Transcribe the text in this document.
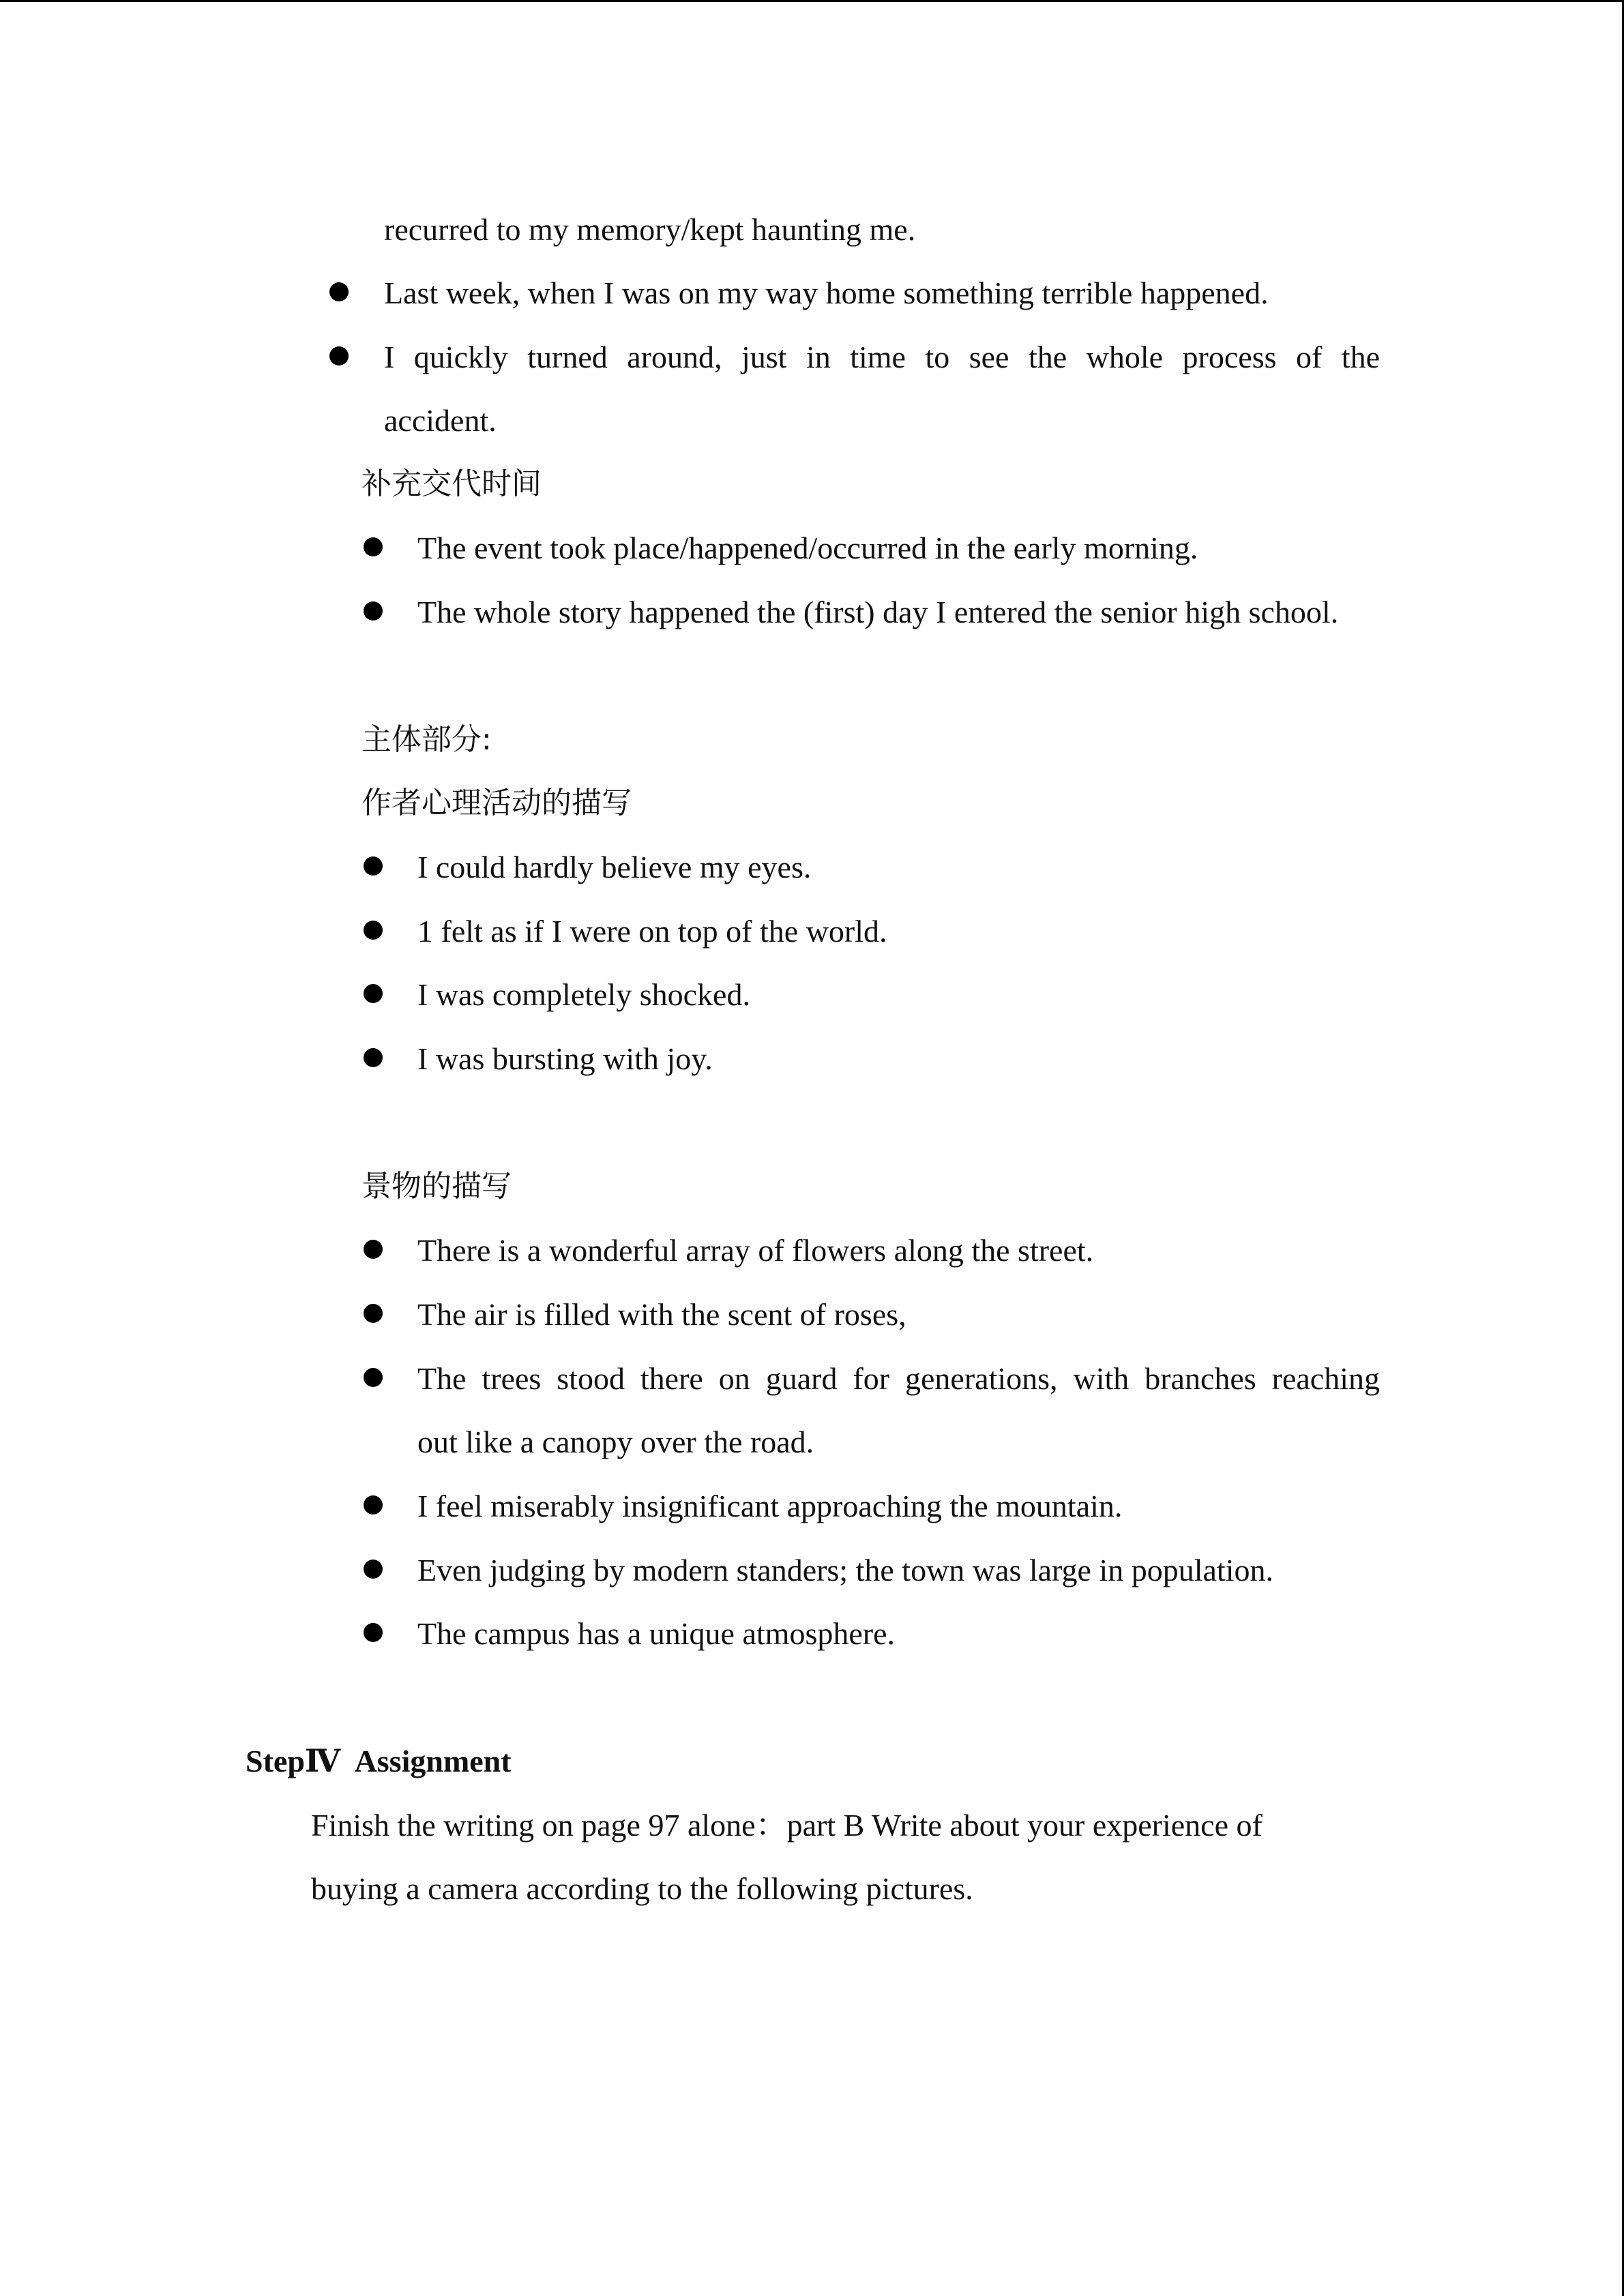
recurred to my memory/kept haunting me.
Last week, when I was on my way home something terrible happened.
I quickly turned around, just in time to see the whole process of the
accident.
补充交代时间
The event took place/happened/occurred in the early morning.
The whole story happened the (first) day I entered the senior high school.
主体部分:
作者心理活动的描写
I could hardly believe my eyes.
1 felt as if I were on top of the world.
I was completely shocked.
I was bursting with joy.
景物的描写
There is a wonderful array of flowers along the street.
The air is filled with the scent of roses,
The trees stood there on guard for generations, with branches reaching
out like a canopy over the road.
I feel miserably insignificant approaching the mountain.
Even judging by modern standers; the town was large in population.
The campus has a unique atmosphere.
StepⅣ  Assignment
Finish the writing on page 97 alone：part B Write about your experience of
buying a camera according to the following pictures.
